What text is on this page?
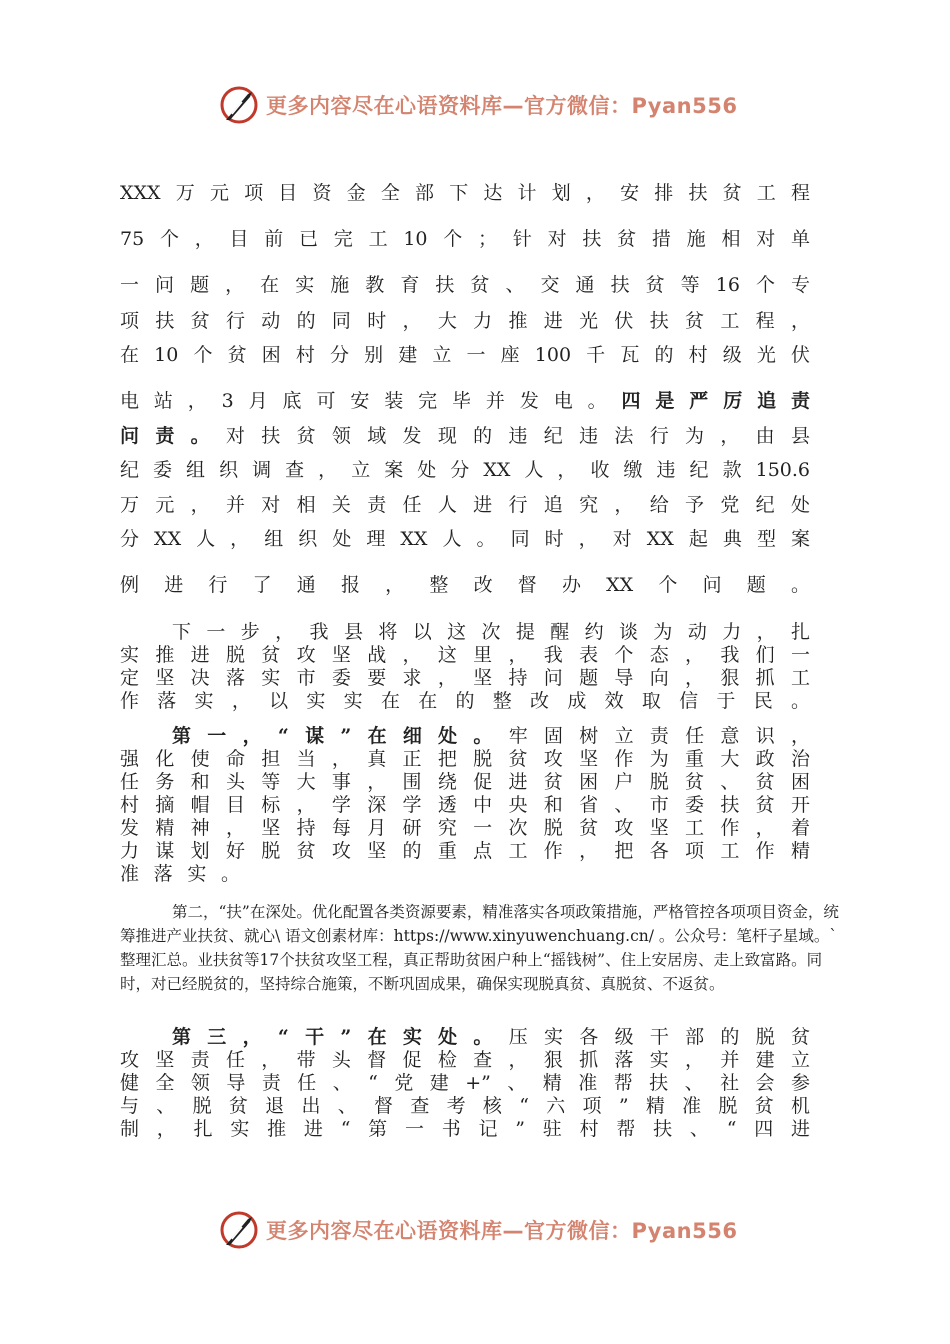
更多内容尽在心语资料库—官方微信：Pyan556
XXX万元项目资金全部下达计划，安排扶贫工程
75个，目前已完工10个；针对扶贫措施相对单
一问题，在实施教育扶贫、交通扶贫等16个专
项扶贫行动的同时，大力推进光伏扶贫工程，
在10个贫困村分别建立一座100千瓦的村级光伏
电站，3月底可安装完毕并发电。四是严厉追责
问责。对扶贫领域发现的违纪违法行为，由县
纪委组织调查，立案处分XX人，收缴违纪款150.6
万元，并对相关责任人进行追究，给予党纪处
分XX人，组织处理XX人。同时，对XX起典型案
例进行了通报，整改督办XX个问题。
下一步，我县将以这次提醒约谈为动力，扎
实推进脱贫攻坚战，这里，我表个态，我们一
定坚决落实市委要求，坚持问题导向，狠抓工
作落实，以实实在在的整改成效取信于民。
第一，“谋”在细处。牢固树立责任意识，
强化使命担当，真正把脱贫攻坚作为重大政治
任务和头等大事，围绕促进贫困户脱贫、贫困
村摘帽目标，学深学透中央和省、市委扶贫开
发精神，坚持每月研究一次脱贫攻坚工作，着
力谋划好脱贫攻坚的重点工作，把各项工作精
准落实。
第三，“干”在实处。压实各级干部的脱贫
攻坚责任，带头督促检查，狠抓落实，并建立
健全领导责任、“党建+”、精准帮扶、社会参
与、脱贫退出、督查考核“六项”精准脱贫机
制，扎实推进“第一书记”驻村帮扶、“四进
第二，“扶”在深处。优化配置各类资源要素，精准落实各项政策措施，严格管控各项项目资金，统筹推进产业扶贫、就心\ 语文创素材库：https://www.xinyuwenchuang.cn/ 。公众号：笔杆子星域。` 整理汇总。业扶贫等17个扶贫攻坚工程，真正帮助贫困户种上“摇钱树”、住上安居房、走上致富路。同时，对已经脱贫的，坚持综合施策，不断巩固成果，确保实现脱真贫、真脱贫、不返贫。
更多内容尽在心语资料库—官方微信：Pyan556
